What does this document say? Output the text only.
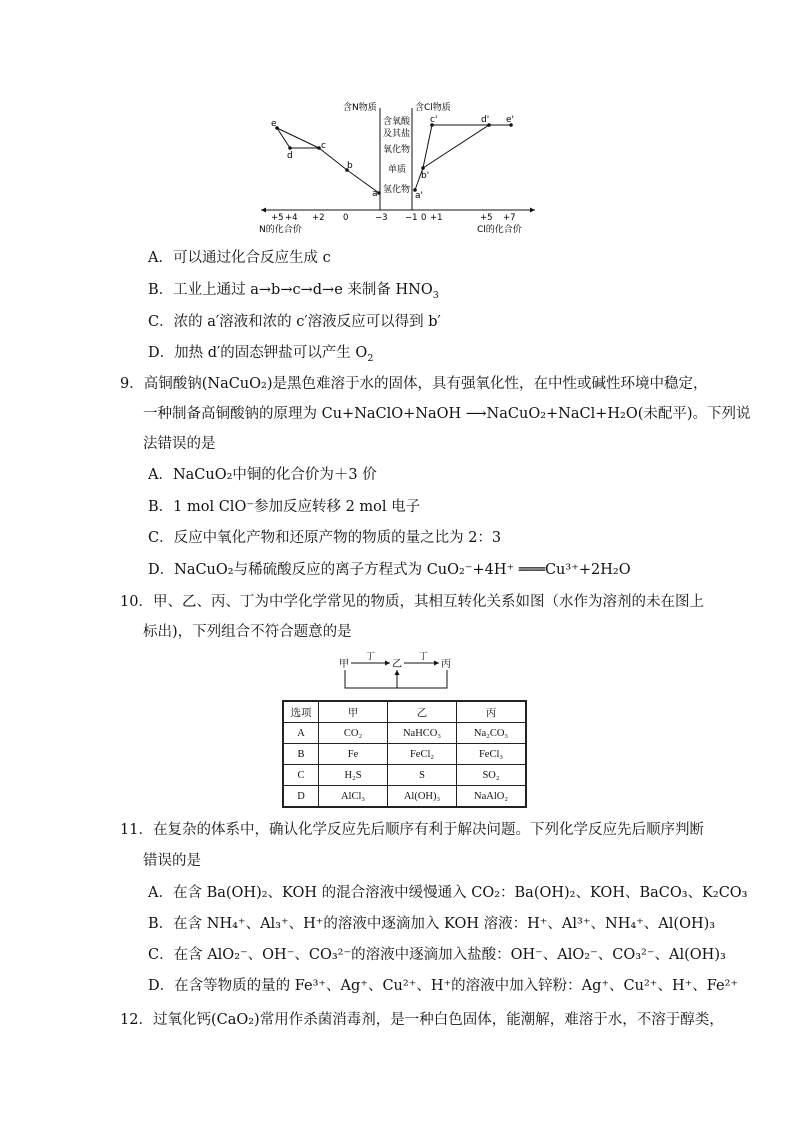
含N物质	含Cl物质
含氧酸
及其盐
氧化物
单质
氢化物
e
d
c
b
a
c'	d' e'
b'
a'
+5 +4 +2 0	−3 −1 0 +1	+5 +7
N的化合价	Cl的化合价
A．可以通过化合反应生成 c
B．工业上通过 a→b→c→d→e 来制备 $HNO_3$
C．浓的 a′溶液和浓的 c′溶液反应可以得到 b′
D．加热 d′的固态钾盐可以产生 $O_2$
9．高铜酸钠(NaCuO₂)是黑色难溶于水的固体，具有强氧化性，在中性或碱性环境中稳定，
一种制备高铜酸钠的原理为 Cu+NaClO+NaOH ⟶NaCuO₂+NaCl+H₂O(未配平)。下列说
法错误的是
A．NaCuO₂中铜的化合价为＋3 价
B．1 mol ClO⁻参加反应转移 2 mol 电子
C．反应中氧化产物和还原产物的物质的量之比为 2：3
D．NaCuO₂与稀硫酸反应的离子方程式为 CuO₂⁻+4H⁺ ═══Cu³⁺+2H₂O
10．甲、乙、丙、丁为中学化学常见的物质，其相互转化关系如图（水作为溶剂的未在图上
标出)，下列组合不符合题意的是
甲	乙	丙
丁	丁
选项	甲	乙	丙
A	CO₂	NaHCO₃	Na₂CO₃
B	Fe	FeCl₂	FeCl₃
C	H₂S	S	SO₂
D	AlCl₃	Al(OH)₃	NaAlO₂
11．在复杂的体系中，确认化学反应先后顺序有利于解决问题。下列化学反应先后顺序判断
错误的是
A．在含 Ba(OH)₂、KOH 的混合溶液中缓慢通入 CO₂：Ba(OH)₂、KOH、BaCO₃、K₂CO₃
B．在含 NH₄⁺、Al₃⁺、H⁺的溶液中逐滴加入 KOH 溶液：H⁺、Al³⁺、NH₄⁺、Al(OH)₃
C．在含 AlO₂⁻、OH⁻、CO₃²⁻的溶液中逐滴加入盐酸：OH⁻、AlO₂⁻、CO₃²⁻、Al(OH)₃
D．在含等物质的量的 Fe³⁺、Ag⁺、Cu²⁺、H⁺的溶液中加入锌粉：Ag⁺、Cu²⁺、H⁺、Fe²⁺
12．过氧化钙(CaO₂)常用作杀菌消毒剂，是一种白色固体，能潮解，难溶于水，不溶于醇类，
